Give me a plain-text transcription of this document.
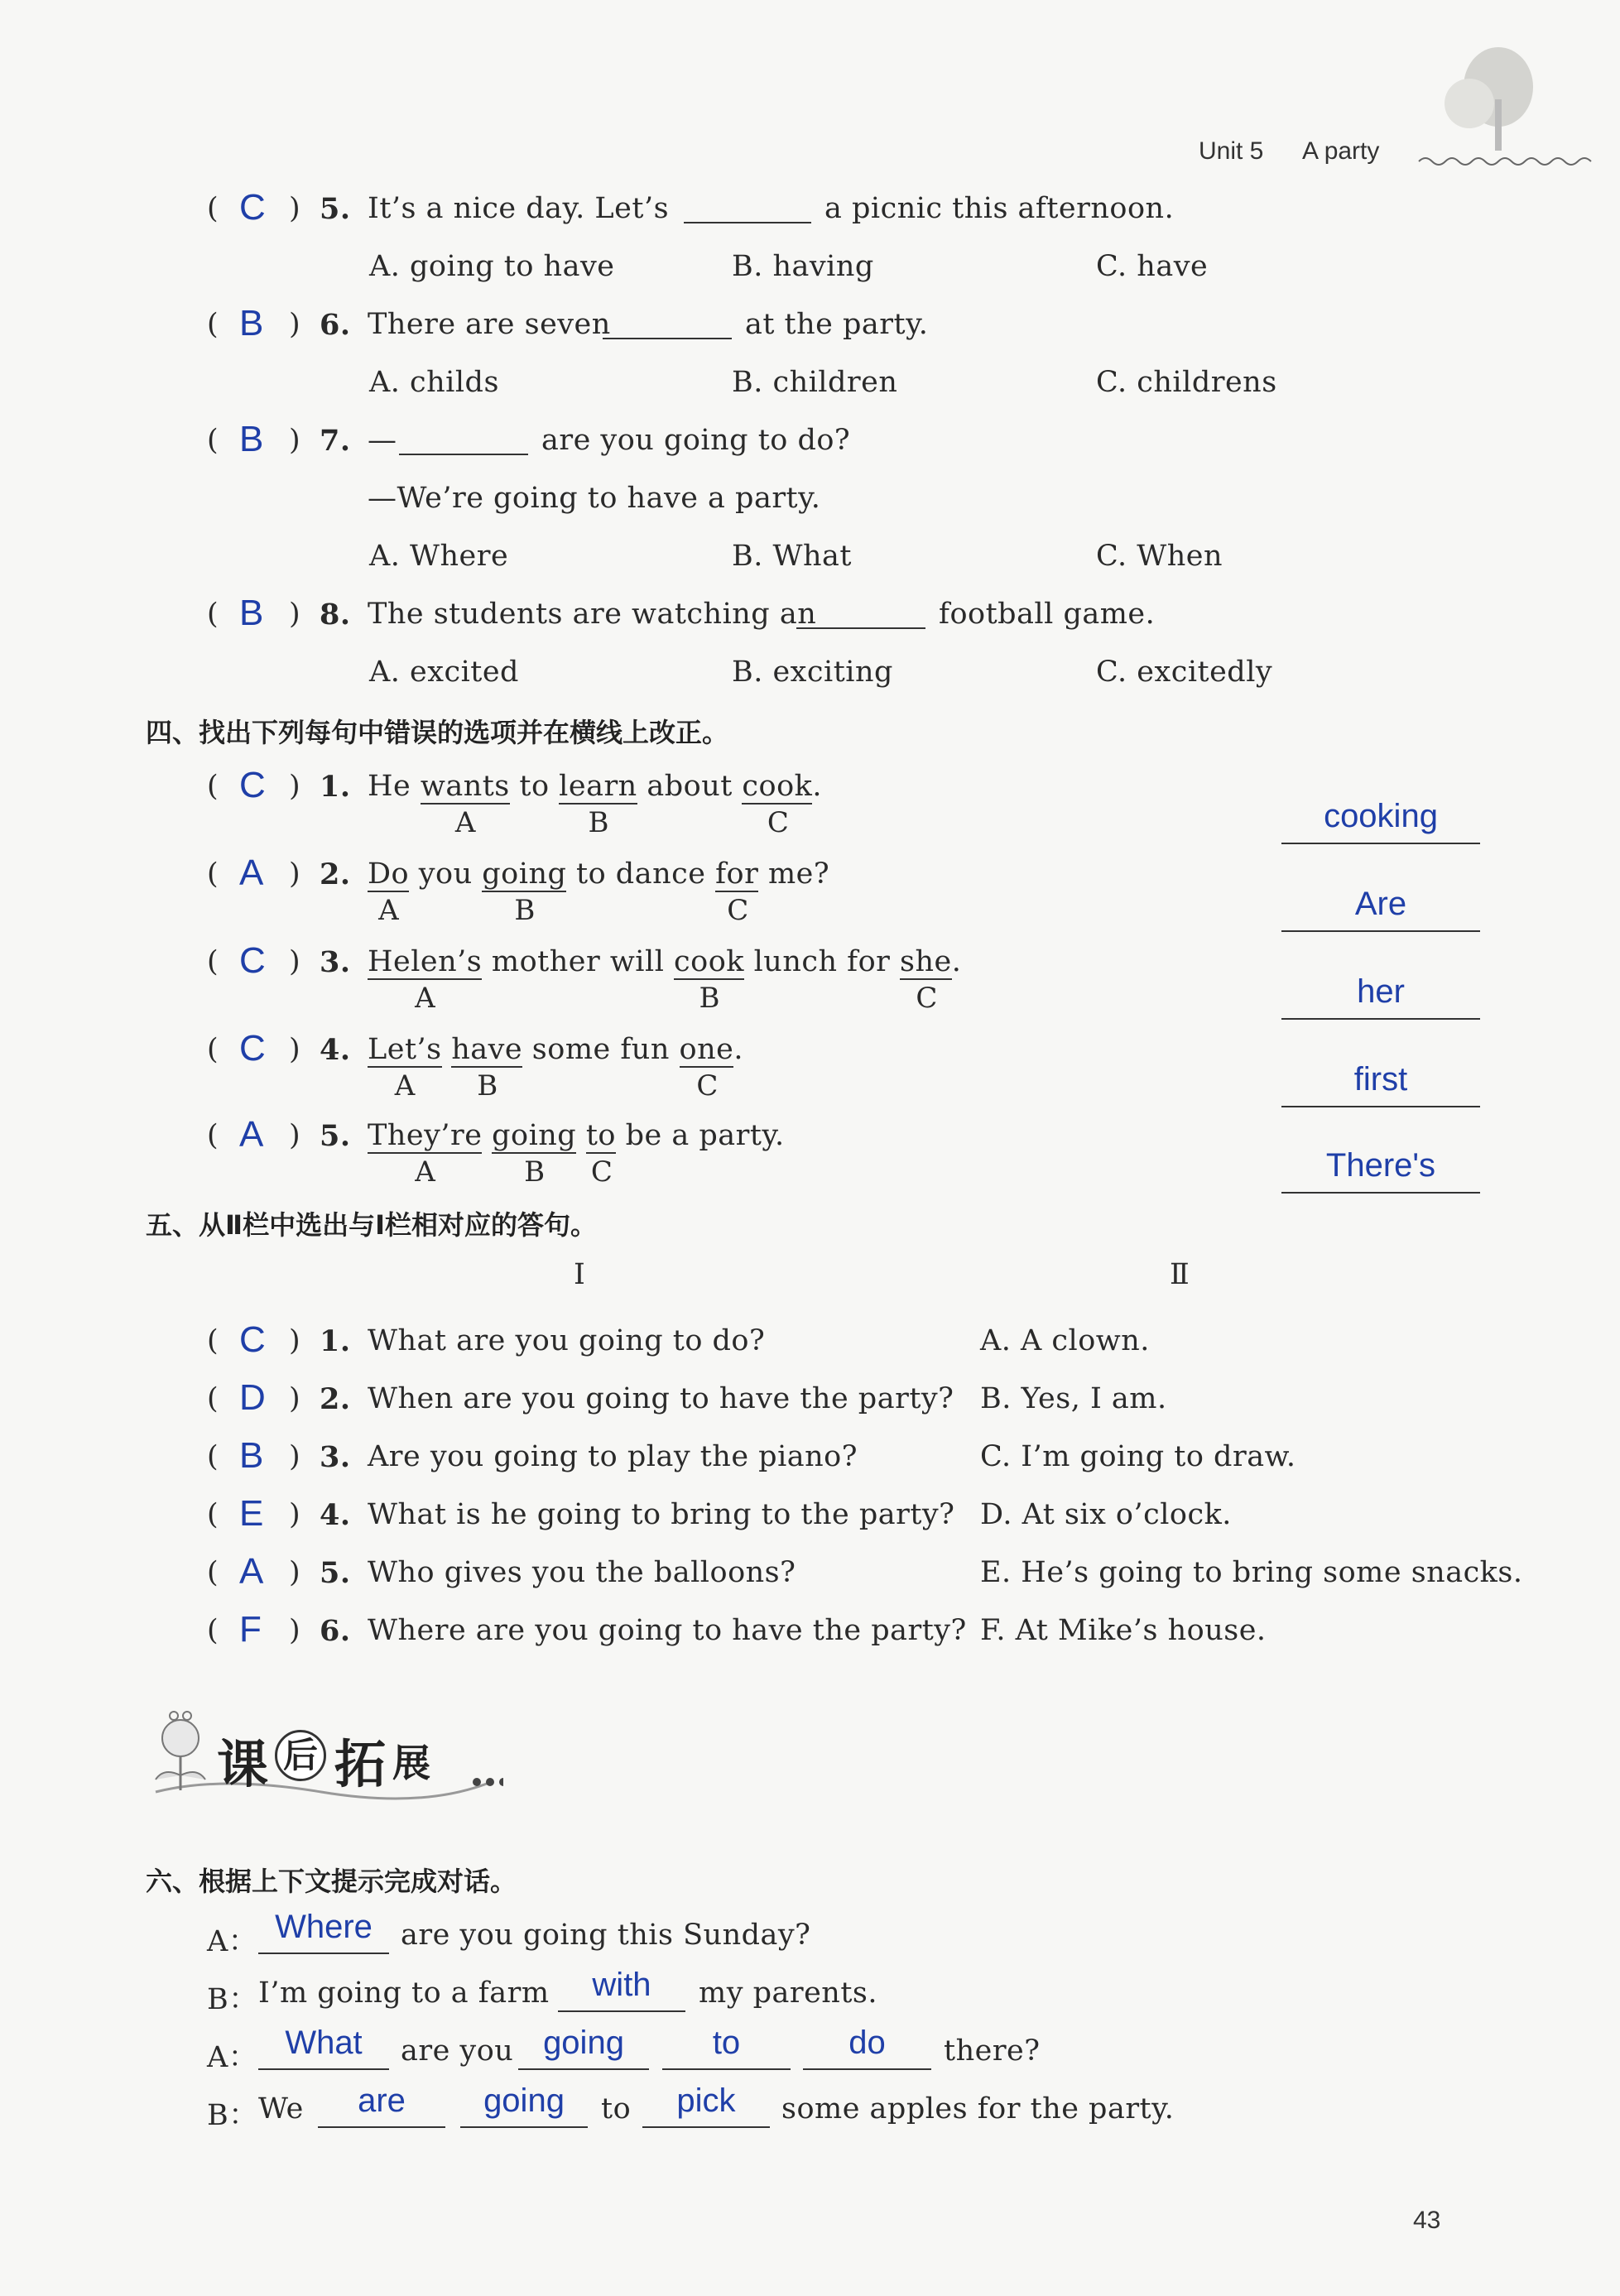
Unit 5 A party
( C ) 5. It’s a nice day. Let’s	a picnic this afternoon.
A. going to have	B. having	C. have
( B ) 6. There are seven	at the party.
A. childs	B. children	C. childrens
( B ) 7. —	are you going to do?
—We’re going to have a party.
A. Where	B. What	C. When
( B ) 8. The students are watching an	football game.
A. excited	B. exciting	C. excitedly
四、找出下列每句中错误的选项并在横线上改正。
( C ) 1. He wants to learn about cook.
cooking
( A ) 2. Do you going to dance for me?
Are
( C ) 3. Helen’s mother will cook lunch for she.
her
( C ) 4. Let’s have some fun one.
first
( A ) 5. They’re going to be a party.
There's
A	B	C
A	B	C
A	B	C
A B	C
A	B C
五、从Ⅱ栏中选出与Ⅰ栏相对应的答句。
Ⅰ	Ⅱ
( C ) 1. What are you going to do?	A. A clown.
( D ) 2. When are you going to have the party? B. Yes, I am.
( B ) 3. Are you going to play the piano?	C. I’m going to draw.
( E ) 4. What is he going to bring to the party? D. At six o’clock.
( A ) 5. Who gives you the balloons?	E. He’s going to bring some snacks.
( F ) 6. Where are you going to have the party? F. At Mike’s house.
课 后 拓 展
六、根据上下文提示完成对话。
A： Where are you going this Sunday?
B： I’m going to a farm	with	my parents.
A： What	are you going	to	do	there?
B： We	are	going	to	pick	some apples for the party.
43
